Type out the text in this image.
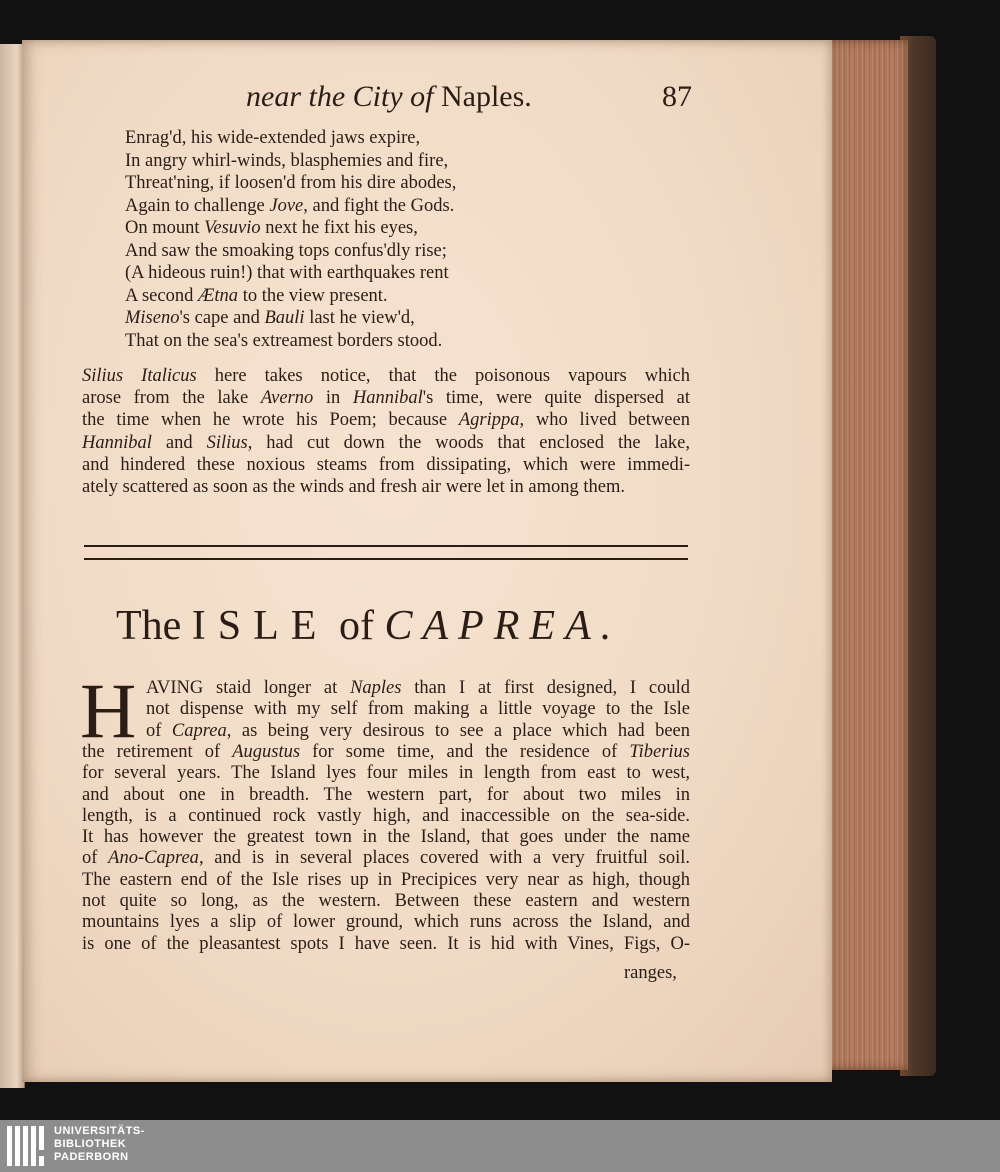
near the City of Naples.	87
Enrag'd, his wide-extended jaws expire,
In angry whirl-winds, blasphemies and fire,
Threat'ning, if loosen'd from his dire abodes,
Again to challenge Jove, and fight the Gods.
On mount Vesuvio next he fixt his eyes,
And saw the smoaking tops confus'dly rise;
(A hideous ruin!) that with earthquakes rent
A second Ætna to the view present.
Miseno's cape and Bauli last he view'd,
That on the sea's extreamest borders stood.
Silius Italicus here takes notice, that the poisonous vapours which
arose from the lake Averno in Hannibal's time, were quite dispersed at
the time when he wrote his Poem; because Agrippa, who lived between
Hannibal and Silius, had cut down the woods that enclosed the lake,
and hindered these noxious steams from dissipating, which were immedi-
ately scattered as soon as the winds and fresh air were let in among them.
The ISLE of CAPREA.
H AVING staid longer at Naples than I at first designed, I could
not dispense with my self from making a little voyage to the Isle
of Caprea, as being very desirous to see a place which had been
the retirement of Augustus for some time, and the residence of Tiberius
for several years. The Island lyes four miles in length from east to west,
and about one in breadth. The western part, for about two miles in
length, is a continued rock vastly high, and inaccessible on the sea-side.
It has however the greatest town in the Island, that goes under the name
of Ano-Caprea, and is in several places covered with a very fruitful soil.
The eastern end of the Isle rises up in Precipices very near as high, though
not quite so long, as the western. Between these eastern and western
mountains lyes a slip of lower ground, which runs across the Island, and
is one of the pleasantest spots I have seen. It is hid with Vines, Figs, O-
ranges,
UNIVERSITÄTS-
BIBLIOTHEK
PADERBORN
